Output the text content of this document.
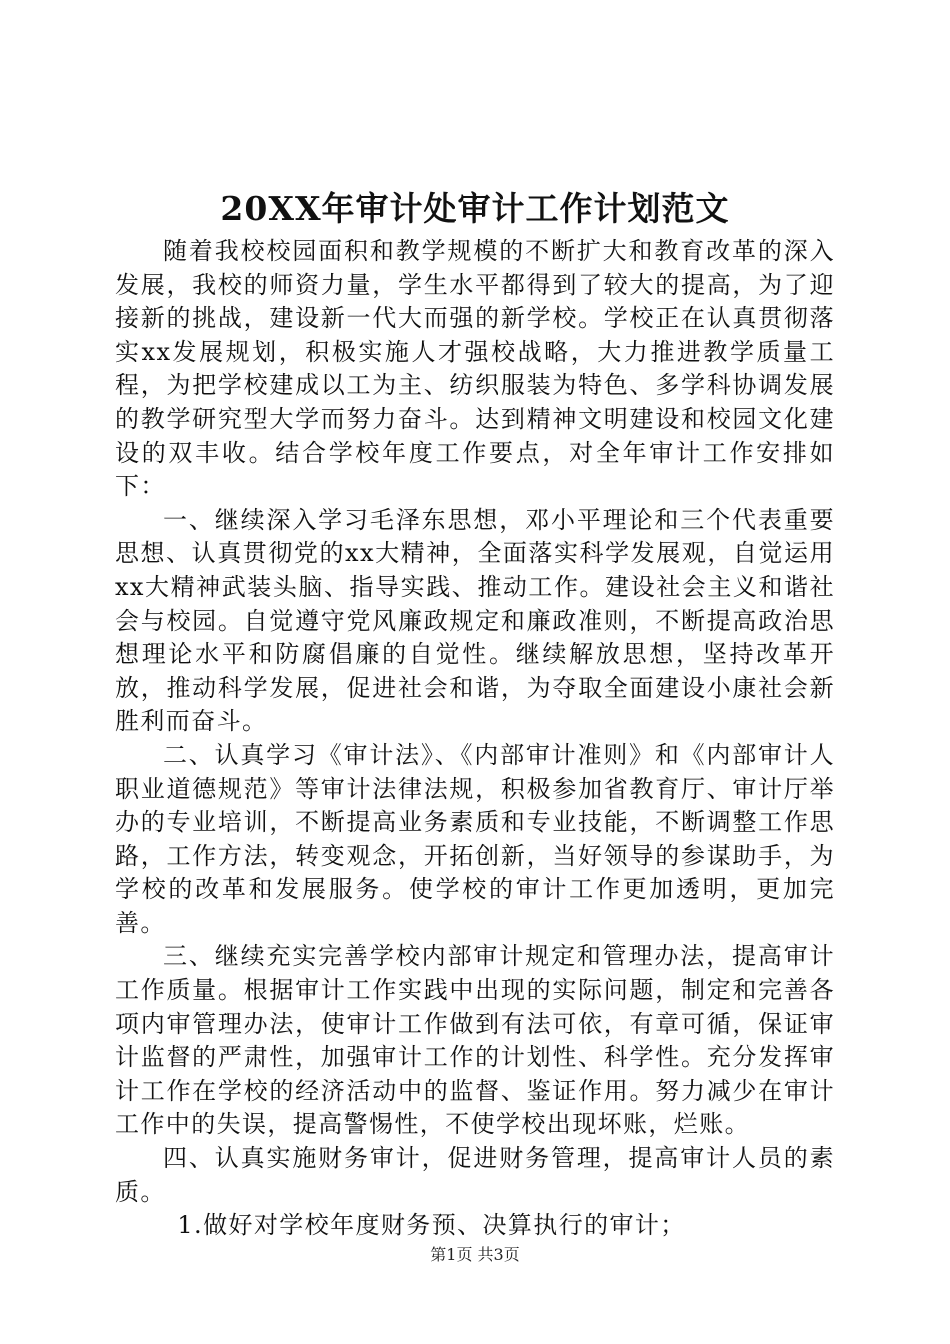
20XX年审计处审计工作计划范文

随着我校校园面积和教学规模的不断扩大和教育改革的深入发展，我校的师资力量，学生水平都得到了较大的提高，为了迎接新的挑战，建设新一代大而强的新学校。学校正在认真贯彻落实xx发展规划，积极实施人才强校战略，大力推进教学质量工程，为把学校建成以工为主、纺织服装为特色、多学科协调发展的教学研究型大学而努力奋斗。达到精神文明建设和校园文化建设的双丰收。结合学校年度工作要点，对全年审计工作安排如下：

一、继续深入学习毛泽东思想，邓小平理论和三个代表重要思想、认真贯彻党的xx大精神，全面落实科学发展观，自觉运用xx大精神武装头脑、指导实践、推动工作。建设社会主义和谐社会与校园。自觉遵守党风廉政规定和廉政准则，不断提高政治思想理论水平和防腐倡廉的自觉性。继续解放思想，坚持改革开放，推动科学发展，促进社会和谐，为夺取全面建设小康社会新胜利而奋斗。

二、认真学习《审计法》、《内部审计准则》和《内部审计人职业道德规范》等审计法律法规，积极参加省教育厅、审计厅举办的专业培训，不断提高业务素质和专业技能，不断调整工作思路，工作方法，转变观念，开拓创新，当好领导的参谋助手，为学校的改革和发展服务。使学校的审计工作更加透明，更加完善。

三、继续充实完善学校内部审计规定和管理办法，提高审计工作质量。根据审计工作实践中出现的实际问题，制定和完善各项内审管理办法，使审计工作做到有法可依，有章可循，保证审计监督的严肃性，加强审计工作的计划性、科学性。充分发挥审计工作在学校的经济活动中的监督、鉴证作用。努力减少在审计工作中的失误，提高警惕性，不使学校出现坏账，烂账。

四、认真实施财务审计，促进财务管理，提高审计人员的素质。

1.做好对学校年度财务预、决算执行的审计；

第1页 共3页
